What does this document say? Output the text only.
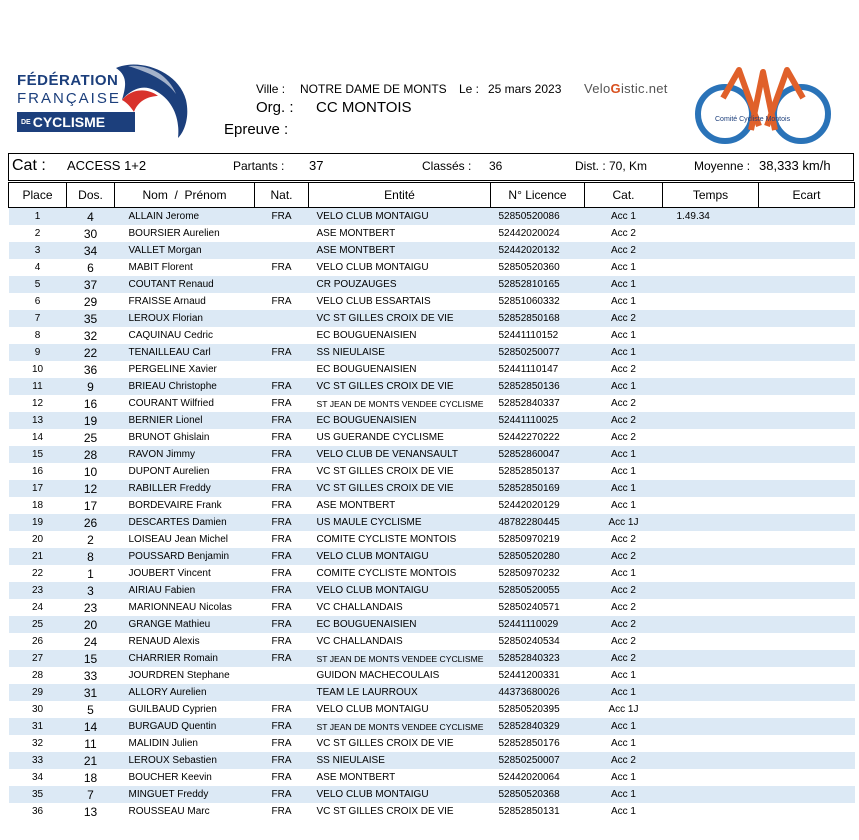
FÉDÉRATION
FRANÇAISE
DE CYCLISME
Ville : NOTRE DAME DE MONTS Le : 25 mars 2023 VeloGistic.net
Org. : CC MONTOIS
Epreuve :
Comité Cycliste Montois
Cat : ACCESS 1+2	Partants : 37	Classés : 36	Dist. : 70, Km	Moyenne : 38,333 km/h
Place	Dos.	Nom  /  Prénom	Nat.	Entité	N° Licence	Cat.	Temps	Ecart
1	4	ALLAIN Jerome	FRA	VELO CLUB MONTAIGU	52850520086	Acc 1	1.49.34	
2	30	BOURSIER Aurelien		ASE MONTBERT	52442020024	Acc 2		
3	34	VALLET Morgan		ASE MONTBERT	52442020132	Acc 2		
4	6	MABIT Florent	FRA	VELO CLUB MONTAIGU	52850520360	Acc 1		
5	37	COUTANT Renaud		CR POUZAUGES	52852810165	Acc 1		
6	29	FRAISSE Arnaud	FRA	VELO CLUB ESSARTAIS	52851060332	Acc 1		
7	35	LEROUX Florian		VC ST GILLES CROIX DE VIE	52852850168	Acc 2		
8	32	CAQUINAU Cedric		EC BOUGUENAISIEN	52441110152	Acc 1		
9	22	TENAILLEAU Carl	FRA	SS NIEULAISE	52850250077	Acc 1		
10	36	PERGELINE Xavier		EC BOUGUENAISIEN	52441110147	Acc 2		
11	9	BRIEAU Christophe	FRA	VC ST GILLES CROIX DE VIE	52852850136	Acc 1		
12	16	COURANT Wilfried	FRA	ST JEAN DE MONTS VENDEE CYCLISME	52852840337	Acc 2		
13	19	BERNIER Lionel	FRA	EC BOUGUENAISIEN	52441110025	Acc 2		
14	25	BRUNOT Ghislain	FRA	US GUERANDE CYCLISME	52442270222	Acc 2		
15	28	RAVON Jimmy	FRA	VELO CLUB DE VENANSAULT	52852860047	Acc 1		
16	10	DUPONT Aurelien	FRA	VC ST GILLES CROIX DE VIE	52852850137	Acc 1		
17	12	RABILLER Freddy	FRA	VC ST GILLES CROIX DE VIE	52852850169	Acc 1		
18	17	BORDEVAIRE Frank	FRA	ASE MONTBERT	52442020129	Acc 1		
19	26	DESCARTES Damien	FRA	US MAULE CYCLISME	48782280445	Acc 1J		
20	2	LOISEAU Jean Michel	FRA	COMITE CYCLISTE MONTOIS	52850970219	Acc 2		
21	8	POUSSARD Benjamin	FRA	VELO CLUB MONTAIGU	52850520280	Acc 2		
22	1	JOUBERT Vincent	FRA	COMITE CYCLISTE MONTOIS	52850970232	Acc 1		
23	3	AIRIAU Fabien	FRA	VELO CLUB MONTAIGU	52850520055	Acc 2		
24	23	MARIONNEAU Nicolas	FRA	VC CHALLANDAIS	52850240571	Acc 2		
25	20	GRANGE Mathieu	FRA	EC BOUGUENAISIEN	52441110029	Acc 2		
26	24	RENAUD Alexis	FRA	VC CHALLANDAIS	52850240534	Acc 2		
27	15	CHARRIER Romain	FRA	ST JEAN DE MONTS VENDEE CYCLISME	52852840323	Acc 2		
28	33	JOURDREN Stephane		GUIDON MACHECOULAIS	52441200331	Acc 1		
29	31	ALLORY Aurelien		TEAM LE LAURROUX	44373680026	Acc 1		
30	5	GUILBAUD Cyprien	FRA	VELO CLUB MONTAIGU	52850520395	Acc 1J		
31	14	BURGAUD Quentin	FRA	ST JEAN DE MONTS VENDEE CYCLISME	52852840329	Acc 1		
32	11	MALIDIN Julien	FRA	VC ST GILLES CROIX DE VIE	52852850176	Acc 1		
33	21	LEROUX Sebastien	FRA	SS NIEULAISE	52850250007	Acc 2		
34	18	BOUCHER Keevin	FRA	ASE MONTBERT	52442020064	Acc 1		
35	7	MINGUET Freddy	FRA	VELO CLUB MONTAIGU	52850520368	Acc 1		
36	13	ROUSSEAU Marc	FRA	VC ST GILLES CROIX DE VIE	52852850131	Acc 1		
